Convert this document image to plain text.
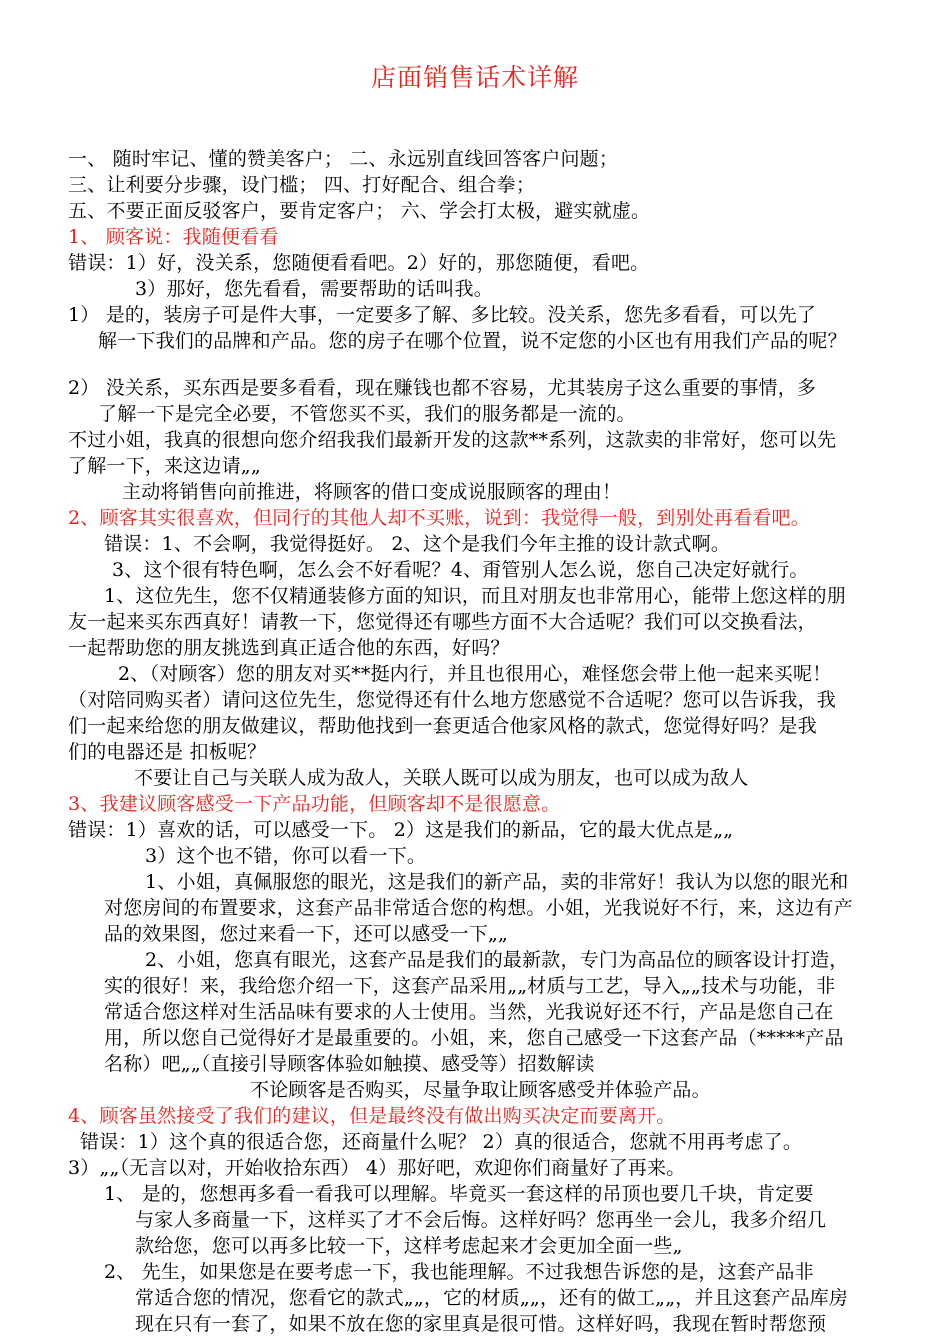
店面销售话术详解
一、 随时牢记、懂的赞美客户； 二、永远别直线回答客户问题；
三、让利要分步骤，设门槛； 四、打好配合、组合拳；
五、不要正面反驳客户，要肯定客户； 六、学会打太极，避实就虚。
1、 顾客说：我随便看看
错误：1）好，没关系，您随便看看吧。2）好的，那您随便，看吧。
3）那好，您先看看，需要帮助的话叫我。
1） 是的，装房子可是件大事，一定要多了解、多比较。没关系，您先多看看，可以先了
解一下我们的品牌和产品。您的房子在哪个位置，说不定您的小区也有用我们产品的呢？
2） 没关系，买东西是要多看看，现在赚钱也都不容易，尤其装房子这么重要的事情，多
了解一下是完全必要，不管您买不买，我们的服务都是一流的。
不过小姐，我真的很想向您介绍我我们最新开发的这款**系列，这款卖的非常好，您可以先
了解一下，来这边请„„
主动将销售向前推进，将顾客的借口变成说服顾客的理由！
2、顾客其实很喜欢，但同行的其他人却不买账，说到：我觉得一般，到别处再看看吧。
错误：1、不会啊，我觉得挺好。 2、这个是我们今年主推的设计款式啊。
3、这个很有特色啊，怎么会不好看呢？4、甭管别人怎么说，您自己决定好就行。
1、这位先生，您不仅精通装修方面的知识，而且对朋友也非常用心，能带上您这样的朋
友一起来买东西真好！请教一下，您觉得还有哪些方面不大合适呢？我们可以交换看法，
一起帮助您的朋友挑选到真正适合他的东西，好吗？
2、（对顾客）您的朋友对买**挺内行，并且也很用心，难怪您会带上他一起来买呢！
（对陪同购买者）请问这位先生，您觉得还有什么地方您感觉不合适呢？您可以告诉我，我
们一起来给您的朋友做建议，帮助他找到一套更适合他家风格的款式，您觉得好吗？是我
们的电器还是 扣板呢？
不要让自己与关联人成为敌人，关联人既可以成为朋友，也可以成为敌人
3、我建议顾客感受一下产品功能，但顾客却不是很愿意。
错误：1）喜欢的话，可以感受一下。 2）这是我们的新品，它的最大优点是„„
3）这个也不错，你可以看一下。
1、小姐，真佩服您的眼光，这是我们的新产品，卖的非常好！我认为以您的眼光和
对您房间的布置要求，这套产品非常适合您的构想。小姐，光我说好不行，来，这边有产
品的效果图，您过来看一下，还可以感受一下„„
2、小姐，您真有眼光，这套产品是我们的最新款，专门为高品位的顾客设计打造，
实的很好！来，我给您介绍一下，这套产品采用„„材质与工艺，导入„„技术与功能，非
常适合您这样对生活品味有要求的人士使用。当然，光我说好还不行，产品是您自己在
用，所以您自己觉得好才是最重要的。小姐，来，您自己感受一下这套产品（*****产品
名称）吧„„（直接引导顾客体验如触摸、感受等）招数解读
不论顾客是否购买，尽量争取让顾客感受并体验产品。
4、顾客虽然接受了我们的建议，但是最终没有做出购买决定而要离开。
错误：1）这个真的很适合您，还商量什么呢？ 2）真的很适合，您就不用再考虑了。
3）„„（无言以对，开始收拾东西） 4）那好吧，欢迎你们商量好了再来。
1、 是的，您想再多看一看我可以理解。毕竟买一套这样的吊顶也要几千块，肯定要
与家人多商量一下，这样买了才不会后悔。这样好吗？您再坐一会儿，我多介绍几
款给您，您可以再多比较一下，这样考虑起来才会更加全面一些„
2、 先生，如果您是在要考虑一下，我也能理解。不过我想告诉您的是，这套产品非
常适合您的情况，您看它的款式„„，它的材质„„，还有的做工„„，并且这套产品库房
现在只有一套了，如果不放在您的家里真是很可惜。这样好吗，我现在暂时帮您预
